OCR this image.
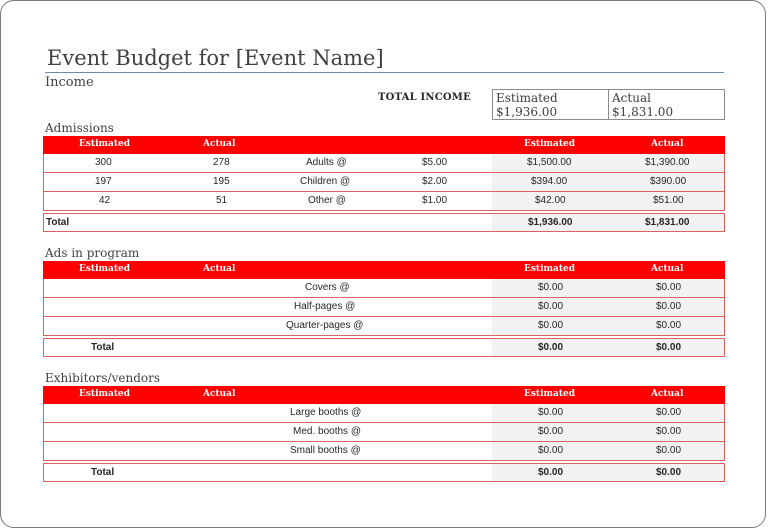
Event Budget for [Event Name]
Income
TOTAL INCOME Estimated
$1,936.00
Actual
$1,831.00
Admissions
Estimated	Actual	Estimated	Actual
300	278	Adults @	$5.00	$1,500.00	$1,390.00
197	195	Children @	$2.00	$394.00	$390.00
42	51	Other @	$1.00	$42.00	$51.00
Total	$1,936.00	$1,831.00
Ads in program
Estimated	Actual	Estimated	Actual
Covers @	$0.00	$0.00
Half-pages @	$0.00	$0.00
Quarter-pages @	$0.00	$0.00
Total	$0.00	$0.00
Exhibitors/vendors
Estimated	Actual	Estimated	Actual
Large booths @	$0.00	$0.00
Med. booths @	$0.00	$0.00
Small booths @	$0.00	$0.00
Total	$0.00	$0.00
